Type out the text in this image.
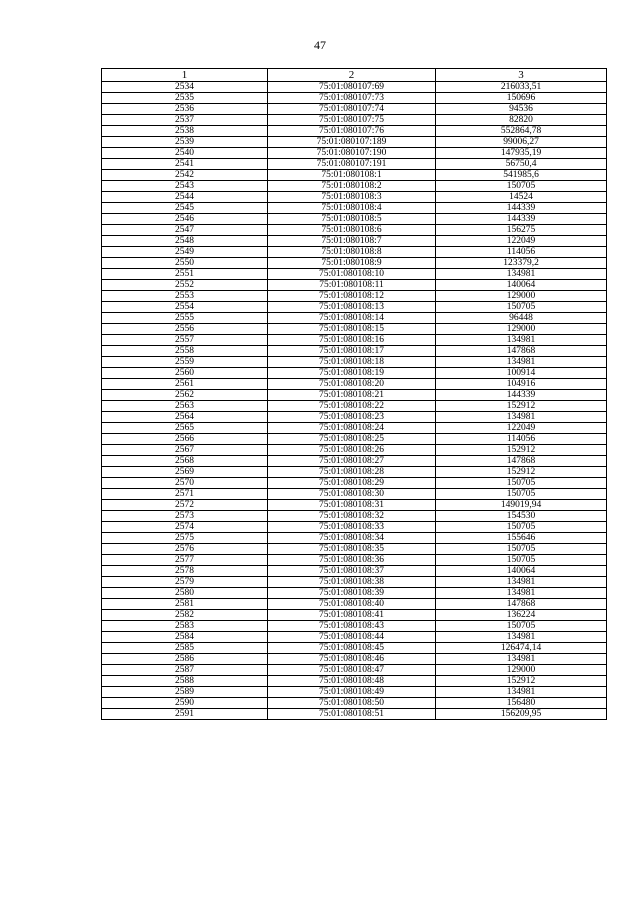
47
1	2	3
2534	75:01:080107:69	216033,51
2535	75:01:080107:73	150696
2536	75:01:080107:74	94536
2537	75:01:080107:75	82820
2538	75:01:080107:76	552864,78
2539	75:01:080107:189	99006,27
2540	75:01:080107:190	147935,19
2541	75:01:080107:191	56750,4
2542	75:01:080108:1	541985,6
2543	75:01:080108:2	150705
2544	75:01:080108:3	14524
2545	75:01:080108:4	144339
2546	75:01:080108:5	144339
2547	75:01:080108:6	156275
2548	75:01:080108:7	122049
2549	75:01:080108:8	114056
2550	75:01:080108:9	123379,2
2551	75:01:080108:10	134981
2552	75:01:080108:11	140064
2553	75:01:080108:12	129000
2554	75:01:080108:13	150705
2555	75:01:080108:14	96448
2556	75:01:080108:15	129000
2557	75:01:080108:16	134981
2558	75:01:080108:17	147868
2559	75:01:080108:18	134981
2560	75:01:080108:19	100914
2561	75:01:080108:20	104916
2562	75:01:080108:21	144339
2563	75:01:080108:22	152912
2564	75:01:080108:23	134981
2565	75:01:080108:24	122049
2566	75:01:080108:25	114056
2567	75:01:080108:26	152912
2568	75:01:080108:27	147868
2569	75:01:080108:28	152912
2570	75:01:080108:29	150705
2571	75:01:080108:30	150705
2572	75:01:080108:31	149019,94
2573	75:01:080108:32	154530
2574	75:01:080108:33	150705
2575	75:01:080108:34	155646
2576	75:01:080108:35	150705
2577	75:01:080108:36	150705
2578	75:01:080108:37	140064
2579	75:01:080108:38	134981
2580	75:01:080108:39	134981
2581	75:01:080108:40	147868
2582	75:01:080108:41	136224
2583	75:01:080108:43	150705
2584	75:01:080108:44	134981
2585	75:01:080108:45	126474,14
2586	75:01:080108:46	134981
2587	75:01:080108:47	129000
2588	75:01:080108:48	152912
2589	75:01:080108:49	134981
2590	75:01:080108:50	156480
2591	75:01:080108:51	156209,95
